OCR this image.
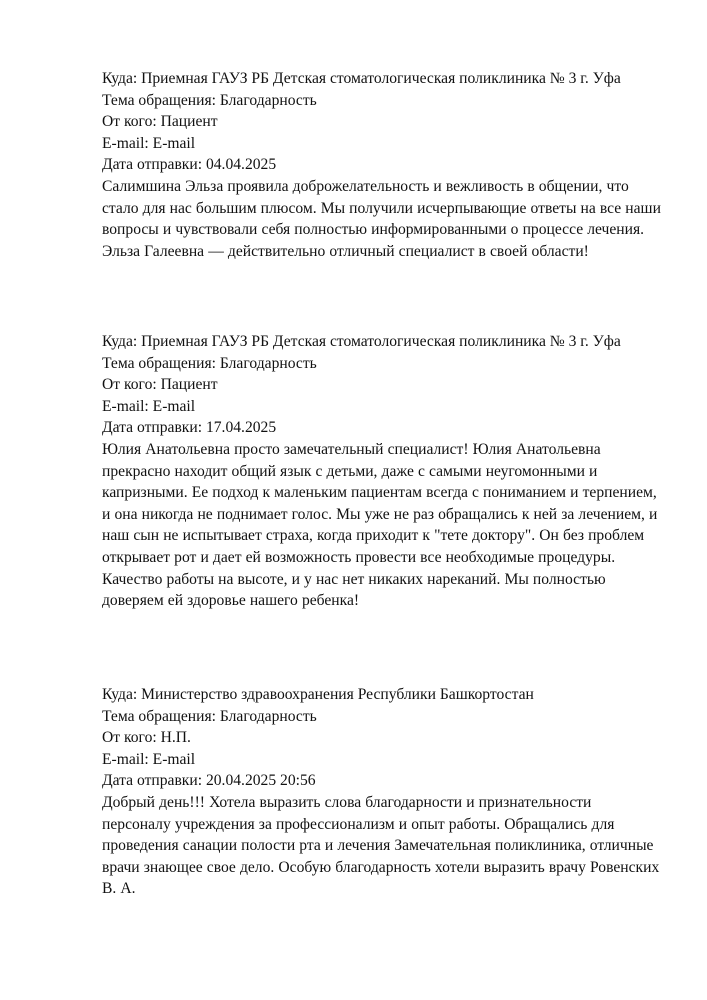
Куда: Приемная ГАУЗ РБ Детская стоматологическая поликлиника № 3 г. Уфа
Тема обращения: Благодарность
От кого: Пациент
E-mail: E-mail
Дата отправки: 04.04.2025
Салимшина Эльза проявила доброжелательность и вежливость в общении, что стало для нас большим плюсом. Мы получили исчерпывающие ответы на все наши вопросы и чувствовали себя полностью информированными о процессе лечения. Эльза Галеевна — действительно отличный специалист в своей области!
Куда: Приемная ГАУЗ РБ Детская стоматологическая поликлиника № 3 г. Уфа
Тема обращения: Благодарность
От кого: Пациент
E-mail: E-mail
Дата отправки: 17.04.2025
Юлия Анатольевна просто замечательный специалист! Юлия Анатольевна прекрасно находит общий язык с детьми, даже с самыми неугомонными и капризными. Ее подход к маленьким пациентам всегда с пониманием и терпением, и она никогда не поднимает голос. Мы уже не раз обращались к ней за лечением, и наш сын не испытывает страха, когда приходит к "тете доктору". Он без проблем открывает рот и дает ей возможность провести все необходимые процедуры. Качество работы на высоте, и у нас нет никаких нареканий. Мы полностью доверяем ей здоровье нашего ребенка!
Куда: Министерство здравоохранения Республики Башкортостан
Тема обращения: Благодарность
От кого: Н.П.
E-mail: E-mail
Дата отправки: 20.04.2025 20:56
Добрый день!!! Хотела выразить слова благодарности и признательности персоналу учреждения за профессионализм и опыт работы. Обращались для проведения санации полости рта и лечения Замечательная поликлиника, отличные врачи знающее свое дело. Особую благодарность хотели выразить врачу Ровенских В. А.
